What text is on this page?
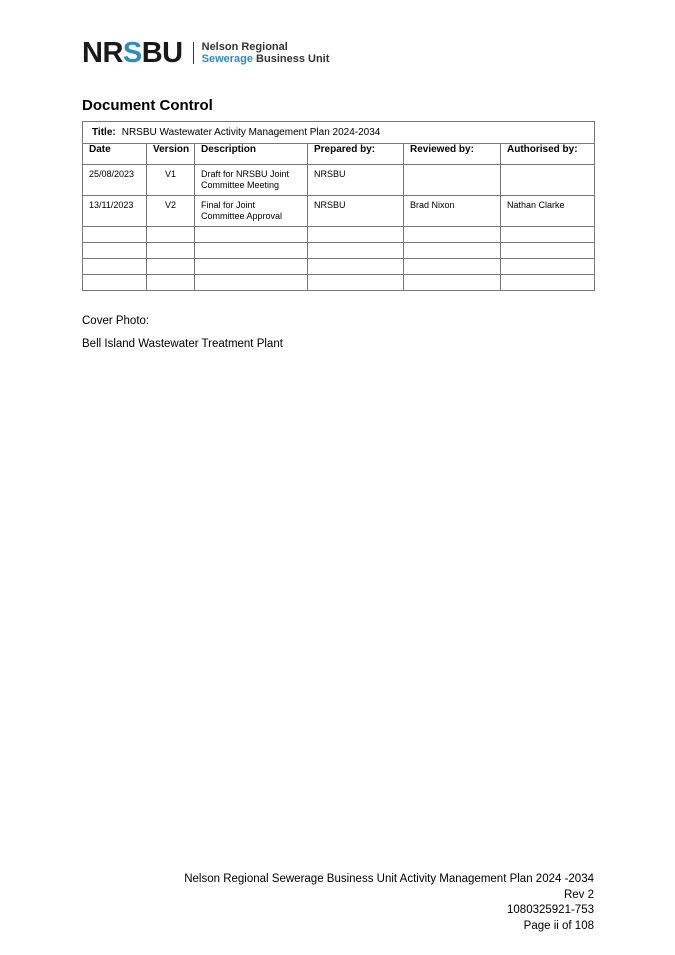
NRSBU Nelson Regional
Sewerage Business Unit
Document Control
Title: NRSBU Wastewater Activity Management Plan 2024-2034					
Date	Version	Description	Prepared by:	Reviewed by:	Authorised by:
25/08/2023	V1	Draft for NRSBU Joint Committee Meeting	NRSBU		
13/11/2023	V2	Final for Joint Committee Approval	NRSBU	Brad Nixon	Nathan Clarke

Cover Photo:
Bell Island Wastewater Treatment Plant
Nelson Regional Sewerage Business Unit Activity Management Plan 2024 -2034
Rev 2
1080325921-753
Page ii of 108
